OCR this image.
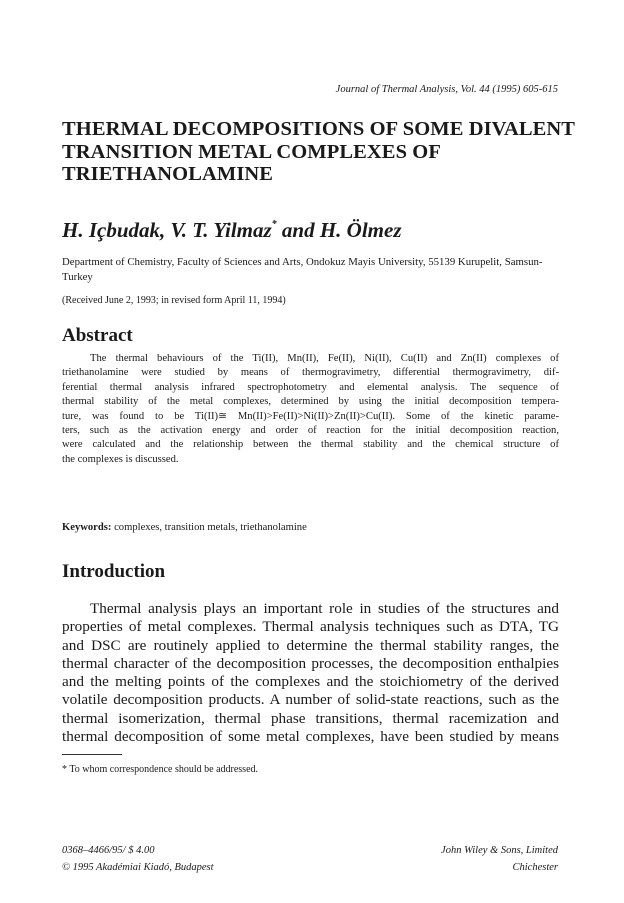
Journal of Thermal Analysis, Vol. 44 (1995) 605-615
THERMAL DECOMPOSITIONS OF SOME DIVALENT
TRANSITION METAL COMPLEXES OF
TRIETHANOLAMINE
H. Içbudak, V. T. Yilmaz* and H. Ölmez
Department of Chemistry, Faculty of Sciences and Arts, Ondokuz Mayis University, 55139 Kurupelit, Samsun-Turkey
(Received June 2, 1993; in revised form April 11, 1994)
Abstract
The thermal behaviours of the Ti(II), Mn(II), Fe(II), Ni(II), Cu(II) and Zn(II) complexes of
triethanolamine were studied by means of thermogravimetry, differential thermogravimetry, dif-
ferential thermal analysis infrared spectrophotometry and elemental analysis. The sequence of
thermal stability of the metal complexes, determined by using the initial decomposition tempera-
ture, was found to be Ti(II)≅ Mn(II)>Fe(II)>Ni(II)>Zn(II)>Cu(II). Some of the kinetic parame-
ters, such as the activation energy and order of reaction for the initial decomposition reaction,
were calculated and the relationship between the thermal stability and the chemical structure of
the complexes is discussed.
Keywords: complexes, transition metals, triethanolamine
Introduction
Thermal analysis plays an important role in studies of the structures and
properties of metal complexes. Thermal analysis techniques such as DTA, TG
and DSC are routinely applied to determine the thermal stability ranges, the
thermal character of the decomposition processes, the decomposition enthalpies
and the melting points of the complexes and the stoichiometry of the derived
volatile decomposition products. A number of solid-state reactions, such as the
thermal isomerization, thermal phase transitions, thermal racemization and
thermal decomposition of some metal complexes, have been studied by means
* To whom correspondence should be addressed.
0368–4466/95/ $ 4.00
© 1995 Akadémiai Kiadó, Budapest
John Wiley & Sons, Limited
Chichester
